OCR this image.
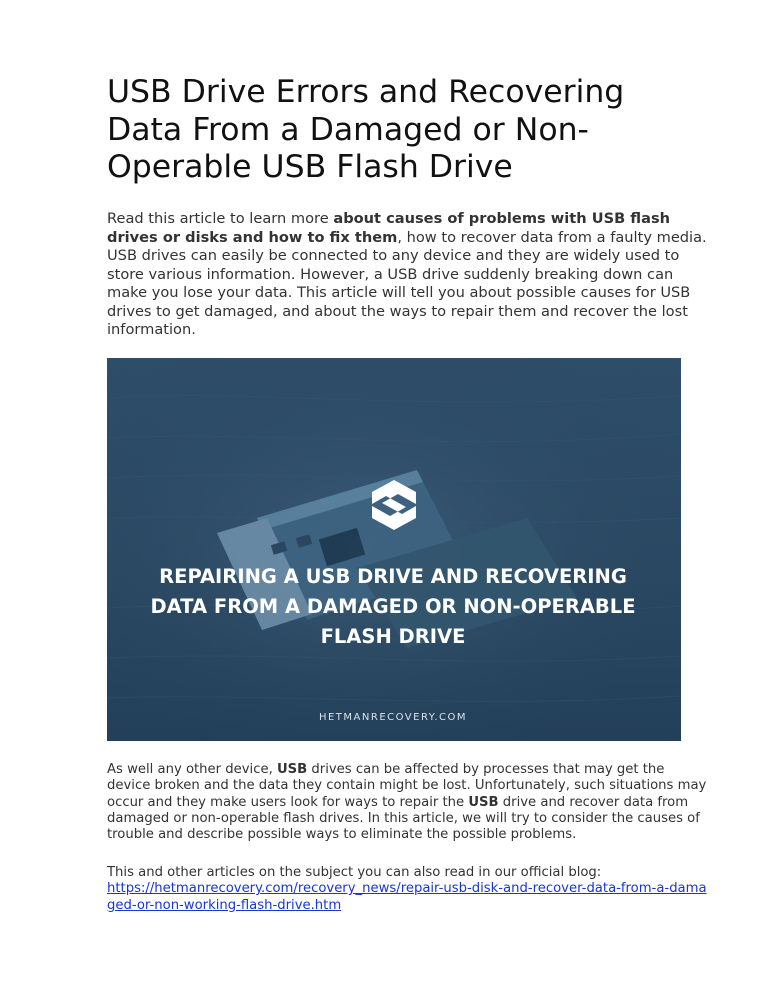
USB Drive Errors and Recovering Data From a Damaged or Non-Operable USB Flash Drive

Read this article to learn more about causes of problems with USB flash drives or disks and how to fix them, how to recover data from a faulty media. USB drives can easily be connected to any device and they are widely used to store various information. However, a USB drive suddenly breaking down can make you lose your data. This article will tell you about possible causes for USB drives to get damaged, and about the ways to repair them and recover the lost information.

REPAIRING A USB DRIVE AND RECOVERING
DATA FROM A DAMAGED OR NON-OPERABLE
FLASH DRIVE
HETMANRECOVERY.COM

As well any other device, USB drives can be affected by processes that may get the device broken and the data they contain might be lost. Unfortunately, such situations may occur and they make users look for ways to repair the USB drive and recover data from damaged or non-operable flash drives. In this article, we will try to consider the causes of trouble and describe possible ways to eliminate the possible problems.

This and other articles on the subject you can also read in our official blog:
https://hetmanrecovery.com/recovery_news/repair-usb-disk-and-recover-data-from-a-damaged-or-non-working-flash-drive.htm
